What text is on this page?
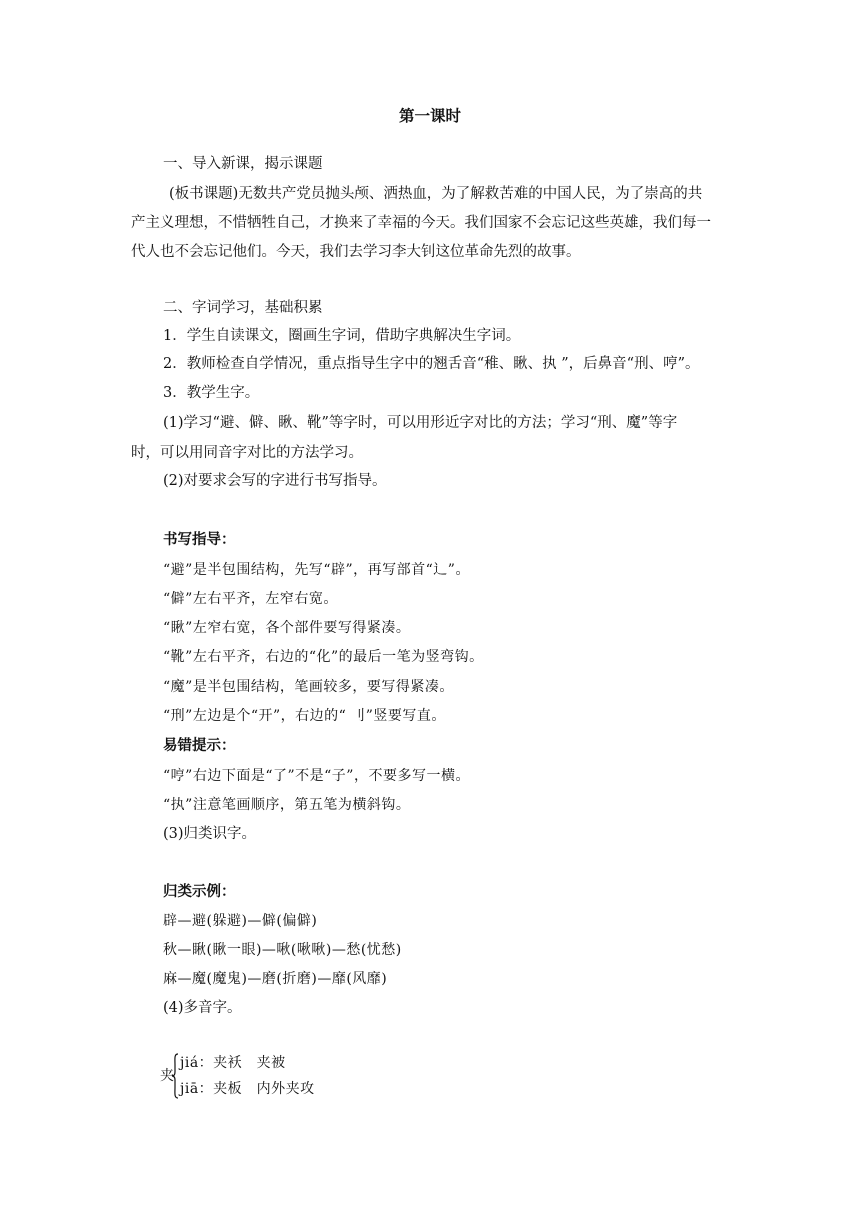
第一课时
一、导入新课，揭示课题
(板书课题)无数共产党员抛头颅、洒热血，为了解救苦难的中国人民，为了崇高的共
产主义理想，不惜牺牲自己，才换来了幸福的今天。我们国家不会忘记这些英雄，我们每一
代人也不会忘记他们。今天，我们去学习李大钊这位革命先烈的故事。
二、字词学习，基础积累
1．学生自读课文，圈画生字词，借助字典解决生字词。
2．教师检查自学情况，重点指导生字中的翘舌音“稚、瞅、执 ”，后鼻音“刑、哼”。
3．教学生字。
(1)学习“避、僻、瞅、靴”等字时，可以用形近字对比的方法；学习“刑、魔”等字
时，可以用同音字对比的方法学习。
(2)对要求会写的字进行书写指导。
书写指导：
“避”是半包围结构，先写“辟”，再写部首“辶”。
“僻”左右平齐，左窄右宽。
“瞅”左窄右宽，各个部件要写得紧凑。
“靴”左右平齐，右边的“化”的最后一笔为竖弯钩。
“魔”是半包围结构，笔画较多，要写得紧凑。
“刑”左边是个“开”，右边的“ 刂”竖要写直。
易错提示：
“哼”右边下面是“了”不是“子”，不要多写一横。
“执”注意笔画顺序，第五笔为横斜钩。
(3)归类识字。
归类示例：
辟—避(躲避)—僻(偏僻)
秋—瞅(瞅一眼)—啾(啾啾)—愁(忧愁)
麻—魔(魔鬼)—磨(折磨)—靡(风靡)
(4)多音字。
夹
jiá：夹袄　夹被
jiā：夹板　内外夹攻
